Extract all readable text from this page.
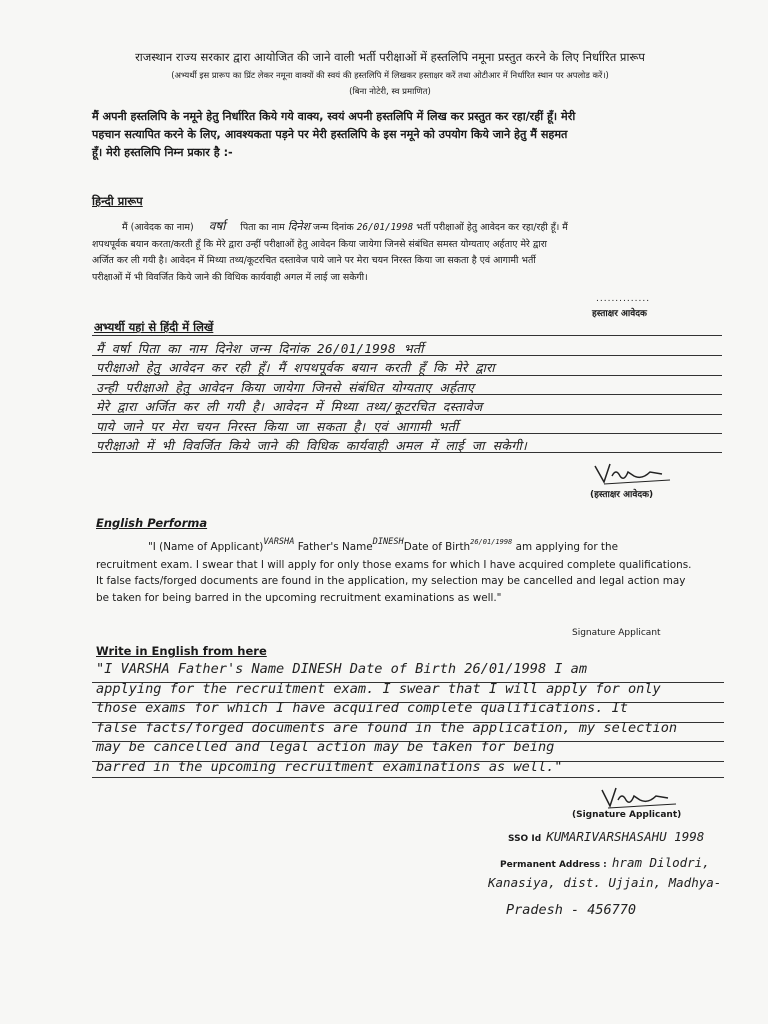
राजस्थान राज्य सरकार द्वारा आयोजित की जाने वाली भर्ती परीक्षाओं में हस्तलिपि नमूना प्रस्तुत करने के लिए निर्धारित प्रारूप
(अभ्यर्थी इस प्रारूप का प्रिंट लेकर नमूना वाक्यों की स्वयं की हस्तलिपि में लिखकर हस्ताक्षर करें तथा ओटीआर में निर्धारित स्थान पर अपलोड करें।)
(बिना नोटेरी, स्व प्रमाणित)
मैं अपनी हस्तलिपि के नमूने हेतु निर्धारित किये गये वाक्य, स्वयं अपनी हस्तलिपि में लिख कर प्रस्तुत कर रहा/रहीं हूँ। मेरी
पहचान सत्यापित करने के लिए, आवश्यकता पड़ने पर मेरी हस्तलिपि के इस नमूने को उपयोग किये जाने हेतु मैं सहमत
हूँ। मेरी हस्तलिपि निम्न प्रकार है :-
हिन्दी प्रारूप
मैं (आवेदक का नाम) वर्षा पिता का नाम दिनेश जन्म दिनांक 26/01/1998 भर्ती परीक्षाओं हेतु आवेदन कर रहा/रही हूँ। मैं
शपथपूर्वक बयान करता/करती हूँ कि मेरे द्वारा उन्हीं परीक्षाओं हेतु आवेदन किया जायेगा जिनसे संबंधित समस्त योग्यताए अर्हताए मेरे द्वारा
अर्जित कर ली गयी है। आवेदन में मिथ्या तथ्य/कूटरचित दस्तावेज पाये जाने पर मेरा चयन निरस्त किया जा सकता है एवं आगामी भर्ती
परीक्षाओं में भी विवर्जित किये जाने की विधिक कार्यवाही अगल में लाई जा सकेगी।
..............
हस्ताक्षर आवेदक
अभ्यर्थी यहां से हिंदी में लिखें
मैं वर्षा पिता का नाम दिनेश जन्म दिनांक 26/01/1998 भर्ती
परीक्षाओ हेतु आवेदन कर रही हूँ। मैं शपथपूर्वक बयान करती हूँ कि मेरे द्वारा
उन्ही परीक्षाओ हेतु आवेदन किया जायेगा जिनसे संबंधित योग्यताए अर्हताए
मेरे द्वारा अर्जित कर ली गयी है। आवेदन में मिथ्या तथ्य/कूटरचित दस्तावेज
पाये जाने पर मेरा चयन निरस्त किया जा सकता है। एवं आगामी भर्ती
परीक्षाओ में भी विवर्जित किये जाने की विधिक कार्यवाही अमल में लाई जा सकेगी।
(हस्ताक्षर आवेदक)
English Performa
"I (Name of Applicant)$^{VARSHA}$ Father's Name$^{DINESH}$Date of Birth$^{26/01/1998}$ am applying for the
recruitment exam. I swear that I will apply for only those exams for which I have acquired complete qualifications.
It false facts/forged documents are found in the application, my selection may be cancelled and legal action may
be taken for being barred in the upcoming recruitment examinations as well."
Signature Applicant
Write in English from here
"I VARSHA Father's Name DINESH Date of Birth 26/01/1998 I am
applying for the recruitment exam. I swear that I will apply for only
those exams for which I have acquired complete qualifications. It
false facts/forged documents are found in the application, my selection
may be cancelled and legal action may be taken for being
barred in the upcoming recruitment examinations as well."
(Signature Applicant)
SSO Id KUMARIVARSHASAHU 1998
Permanent Address : hram Dilodri,
Kanasiya, dist. Ujjain, Madhya-
Pradesh - 456770
